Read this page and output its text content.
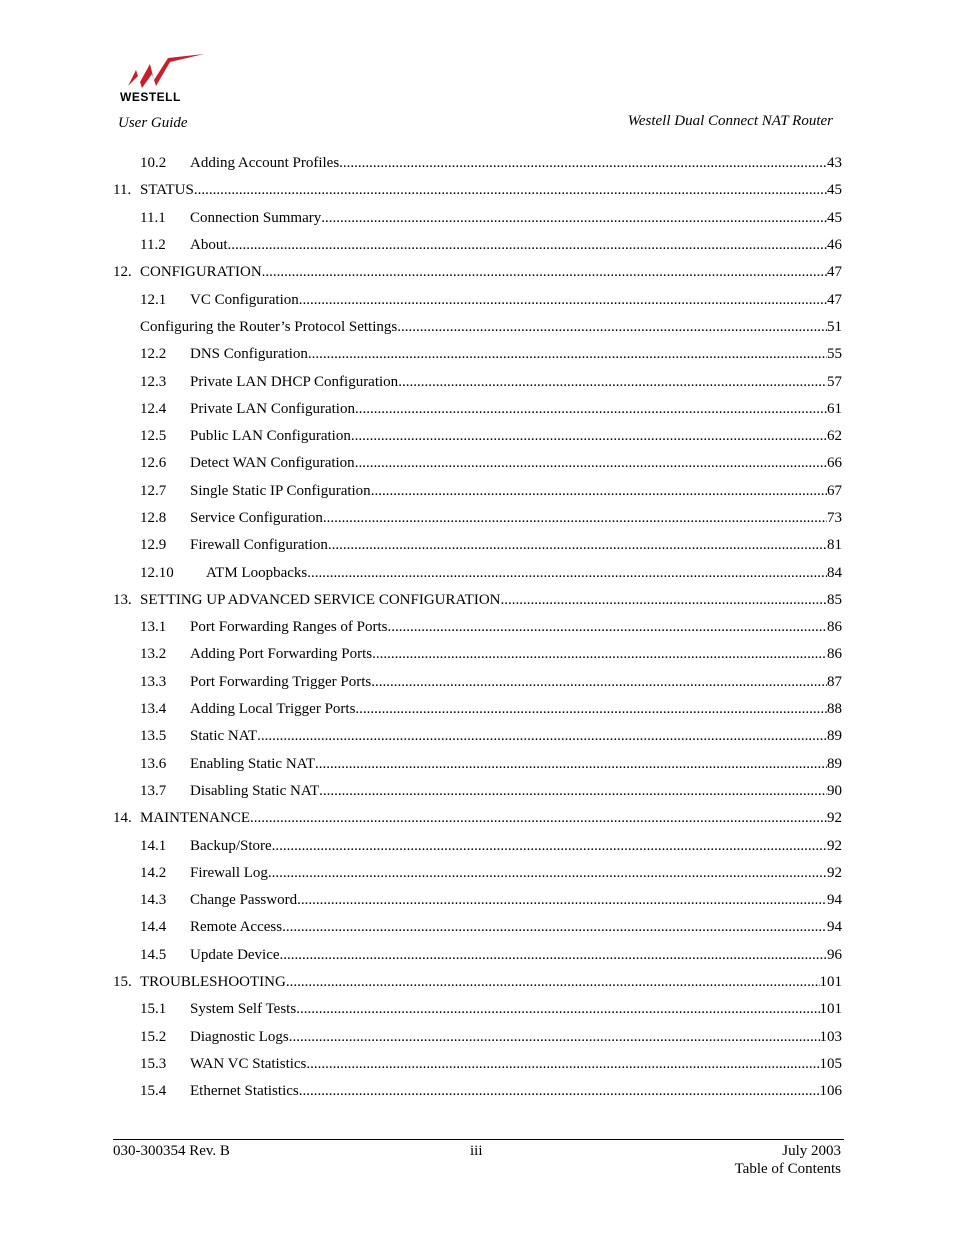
WESTELL
User Guide	Westell Dual Connect NAT Router
10.2	Adding Account Profiles .....	43
11. STATUS .....	45
11.1	Connection Summary .....	45
11.2	About .....	46
12. CONFIGURATION .....	47
12.1	VC Configuration .....	47
Configuring the Router’s Protocol Settings .....	51
12.2	DNS Configuration .....	55
12.3	Private LAN DHCP Configuration .....	57
12.4	Private LAN Configuration .....	61
12.5	Public LAN Configuration .....	62
12.6	Detect WAN Configuration .....	66
12.7	Single Static IP Configuration .....	67
12.8	Service Configuration .....	73
12.9	Firewall Configuration .....	81
12.10	ATM Loopbacks .....	84
13. SETTING UP ADVANCED SERVICE CONFIGURATION .....	85
13.1	Port Forwarding Ranges of Ports .....	86
13.2	Adding Port Forwarding Ports .....	86
13.3	Port Forwarding Trigger Ports .....	87
13.4	Adding Local Trigger Ports .....	88
13.5	Static NAT .....	89
13.6	Enabling Static NAT .....	89
13.7	Disabling Static NAT .....	90
14. MAINTENANCE .....	92
14.1	Backup/Store .....	92
14.2	Firewall Log .....	92
14.3	Change Password .....	94
14.4	Remote Access .....	94
14.5	Update Device .....	96
15. TROUBLESHOOTING .....	101
15.1	System Self Tests .....	101
15.2	Diagnostic Logs .....	103
15.3	WAN VC Statistics .....	105
15.4	Ethernet Statistics .....	106
030-300354 Rev. B	iii	July 2003
Table of Contents
